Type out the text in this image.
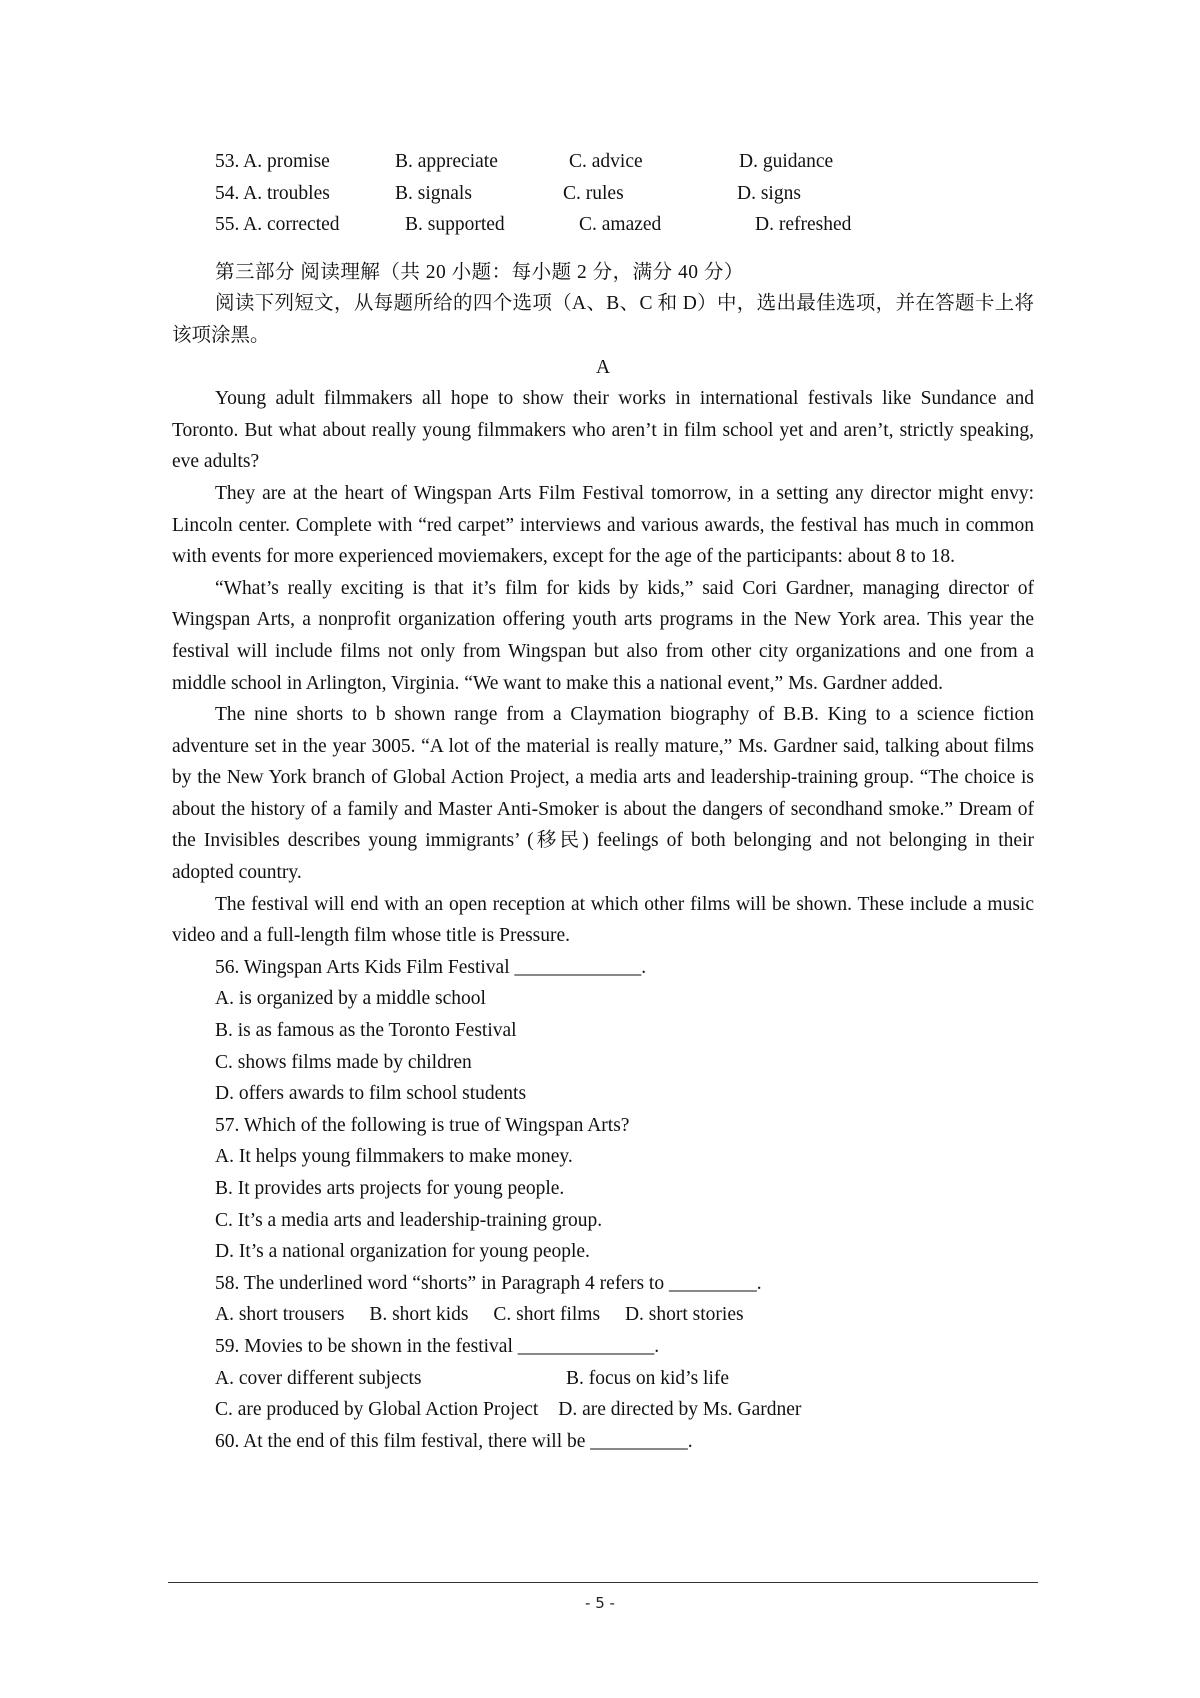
53. A. promise	B. appreciate	C. advice	D. guidance
54. A. troubles	B. signals	C. rules	D. signs
55. A. corrected	B. supported	C. amazed	D. refreshed
第三部分 阅读理解（共 20 小题：每小题 2 分，满分 40 分）
阅读下列短文，从每题所给的四个选项（A、B、C 和 D）中，选出最佳选项，并在答题卡上将该项涂黑。
A

Young adult filmmakers all hope to show their works in international festivals like Sundance and Toronto. But what about really young filmmakers who aren’t in film school yet and aren’t, strictly speaking, eve adults?

They are at the heart of Wingspan Arts Film Festival tomorrow, in a setting any director might envy: Lincoln center. Complete with “red carpet” interviews and various awards, the festival has much in common with events for more experienced moviemakers, except for the age of the participants: about 8 to 18.

“What’s really exciting is that it’s film for kids by kids,” said Cori Gardner, managing director of Wingspan Arts, a nonprofit organization offering youth arts programs in the New York area. This year the festival will include films not only from Wingspan but also from other city organizations and one from a middle school in Arlington, Virginia. “We want to make this a national event,” Ms. Gardner added.

The nine shorts to b shown range from a Claymation biography of B.B. King to a science fiction adventure set in the year 3005. “A lot of the material is really mature,” Ms. Gardner said, talking about films by the New York branch of Global Action Project, a media arts and leadership-training group. “The choice is about the history of a family and Master Anti-Smoker is about the dangers of secondhand smoke.” Dream of the Invisibles describes young immigrants’ (移民) feelings of both belonging and not belonging in their adopted country.

The festival will end with an open reception at which other films will be shown. These include a music video and a full-length film whose title is Pressure.

56. Wingspan Arts Kids Film Festival _____________.
A. is organized by a middle school
B. is as famous as the Toronto Festival
C. shows films made by children
D. offers awards to film school students
57. Which of the following is true of Wingspan Arts?
A. It helps young filmmakers to make money.
B. It provides arts projects for young people.
C. It’s a media arts and leadership-training group.
D. It’s a national organization for young people.
58. The underlined word “shorts” in Paragraph 4 refers to _________.
A. short trousers B. short kids C. short films D. short stories
59. Movies to be shown in the festival ______________.
A. cover different subjects	B. focus on kid’s life
C. are produced by Global Action Project D. are directed by Ms. Gardner
60. At the end of this film festival, there will be __________.
- 5 -
